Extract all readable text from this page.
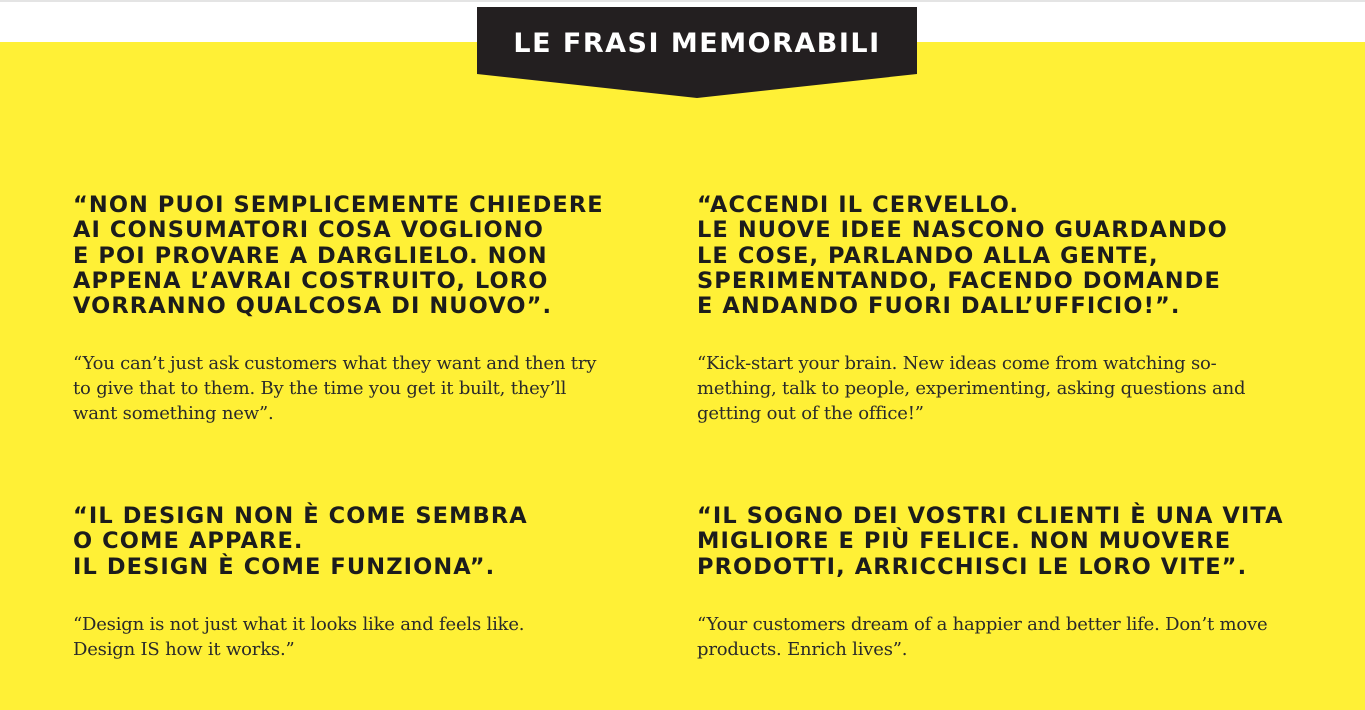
LE FRASI MEMORABILI

“NON PUOI SEMPLICEMENTE CHIEDERE
AI CONSUMATORI COSA VOGLIONO
E POI PROVARE A DARGLIELO. NON
APPENA L’AVRAI COSTRUITO, LORO
VORRANNO QUALCOSA DI NUOVO”.

“You can’t just ask customers what they want and then try
to give that to them. By the time you get it built, they’ll
want something new”.

“ACCENDI IL CERVELLO.
LE NUOVE IDEE NASCONO GUARDANDO
LE COSE, PARLANDO ALLA GENTE,
SPERIMENTANDO, FACENDO DOMANDE
E ANDANDO FUORI DALL’UFFICIO!”.

“Kick-start your brain. New ideas come from watching so-
mething, talk to people, experimenting, asking questions and
getting out of the office!”

“IL DESIGN NON È COME SEMBRA
O COME APPARE.
IL DESIGN È COME FUNZIONA”.

“Design is not just what it looks like and feels like.
Design IS how it works.”

“IL SOGNO DEI VOSTRI CLIENTI È UNA VITA
MIGLIORE E PIÙ FELICE. NON MUOVERE
PRODOTTI, ARRICCHISCI LE LORO VITE”.

“Your customers dream of a happier and better life. Don’t move
products. Enrich lives”.
